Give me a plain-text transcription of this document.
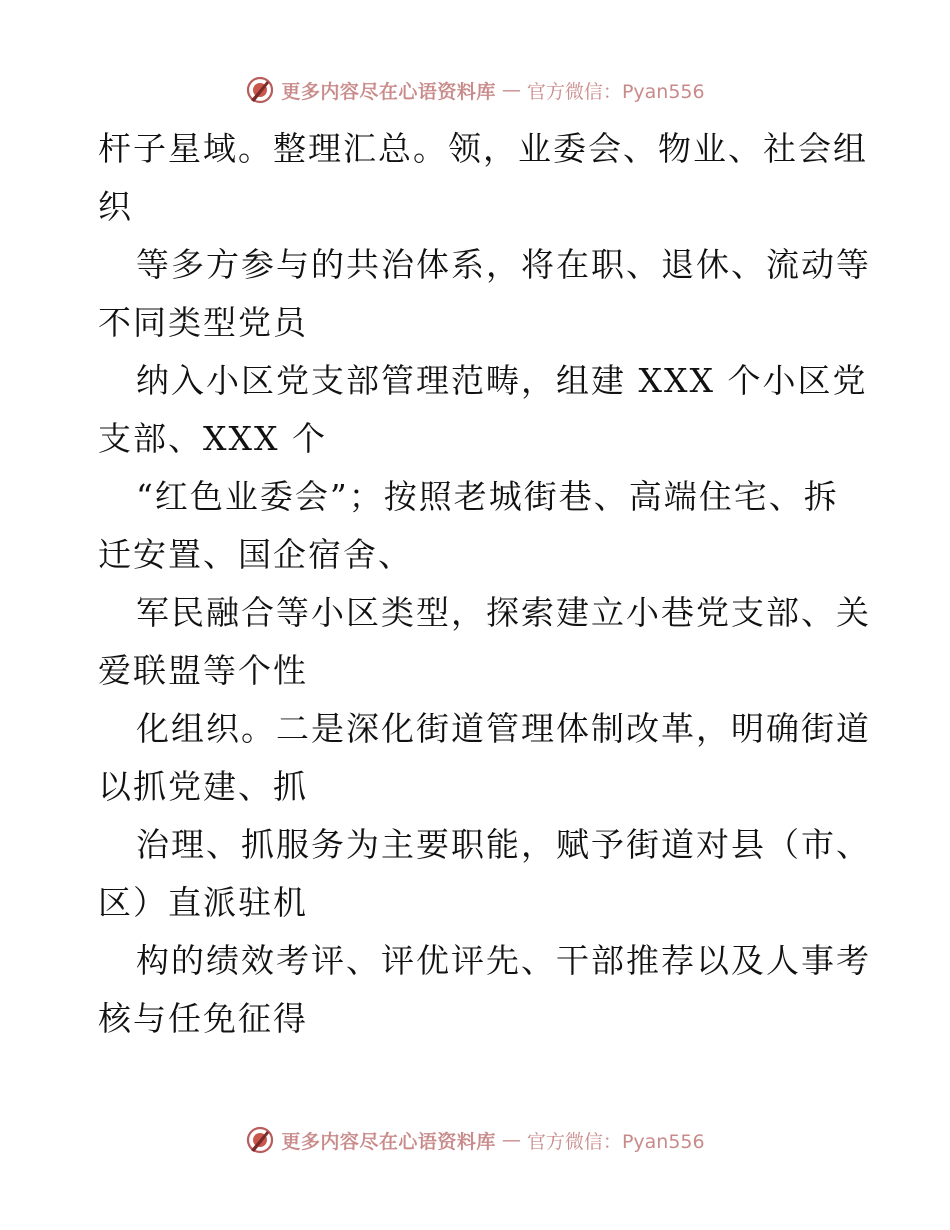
更多内容尽在心语资料库 — 官方微信：Pyan556
杆子星域。整理汇总。领，业委会、物业、社会组
织
等多方参与的共治体系，将在职、退休、流动等
不同类型党员
纳入小区党支部管理范畴，组建 XXX 个小区党
支部、XXX 个
“红色业委会”；按照老城街巷、高端住宅、拆
迁安置、国企宿舍、
军民融合等小区类型，探索建立小巷党支部、关
爱联盟等个性
化组织。二是深化街道管理体制改革，明确街道
以抓党建、抓
治理、抓服务为主要职能，赋予街道对县（市、
区）直派驻机
构的绩效考评、评优评先、干部推荐以及人事考
核与任免征得
更多内容尽在心语资料库 — 官方微信：Pyan556
